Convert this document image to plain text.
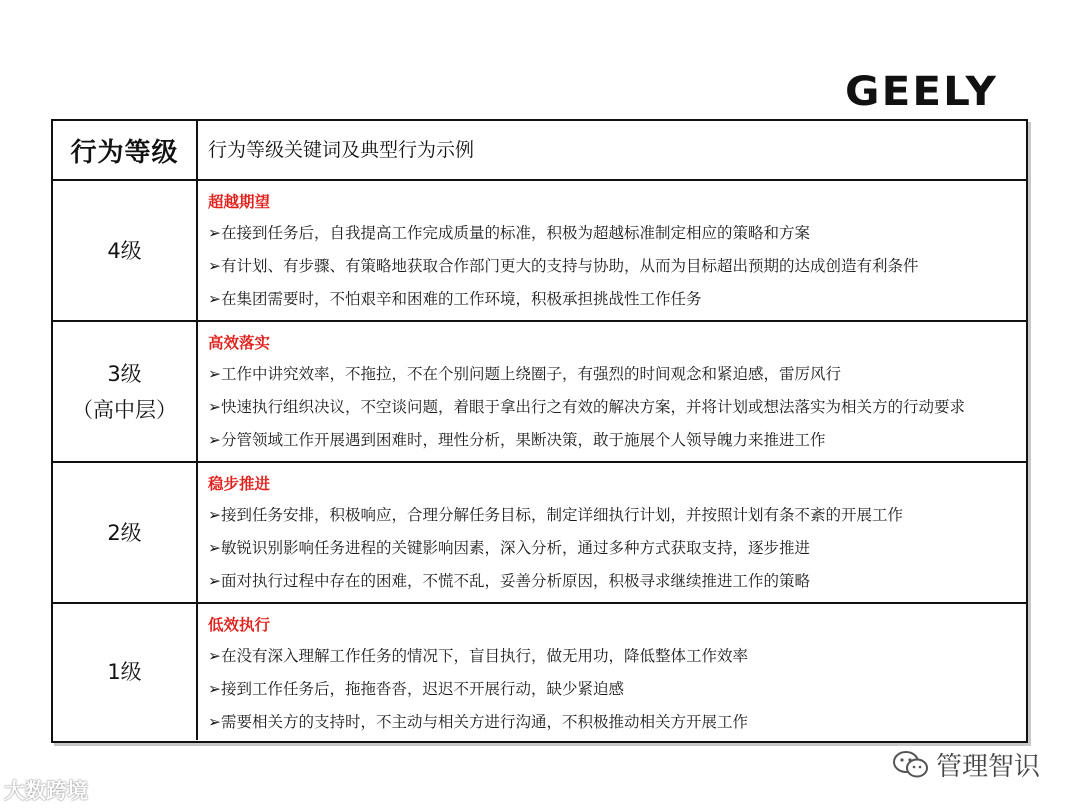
GEELY
行为等级 行为等级关键词及典型行为示例
4级
超越期望
➢在接到任务后，自我提高工作完成质量的标准，积极为超越标准制定相应的策略和方案
➢有计划、有步骤、有策略地获取合作部门更大的支持与协助，从而为目标超出预期的达成创造有利条件
➢在集团需要时，不怕艰辛和困难的工作环境，积极承担挑战性工作任务
3级
（高中层）
高效落实
➢工作中讲究效率，不拖拉，不在个别问题上绕圈子，有强烈的时间观念和紧迫感，雷厉风行
➢快速执行组织决议，不空谈问题，着眼于拿出行之有效的解决方案，并将计划或想法落实为相关方的行动要求
➢分管领域工作开展遇到困难时，理性分析，果断决策，敢于施展个人领导魄力来推进工作
2级
稳步推进
➢接到任务安排，积极响应，合理分解任务目标，制定详细执行计划，并按照计划有条不紊的开展工作
➢敏锐识别影响任务进程的关键影响因素，深入分析，通过多种方式获取支持，逐步推进
➢面对执行过程中存在的困难，不慌不乱，妥善分析原因，积极寻求继续推进工作的策略
1级
低效执行
➢在没有深入理解工作任务的情况下，盲目执行，做无用功，降低整体工作效率
➢接到工作任务后，拖拖沓沓，迟迟不开展行动，缺少紧迫感
➢需要相关方的支持时，不主动与相关方进行沟通，不积极推动相关方开展工作
大数跨境
管理智识
